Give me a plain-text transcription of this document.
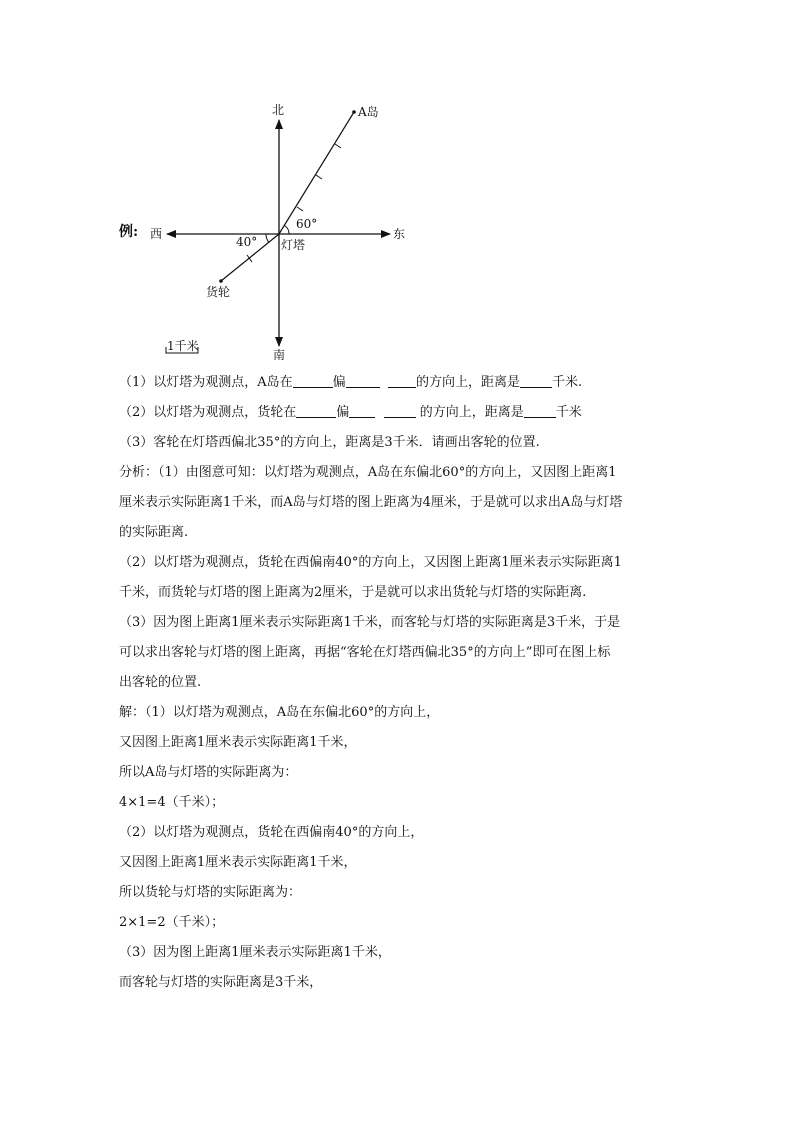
例:
北
南
东
西
A岛
灯塔
货轮
60°
40°
1千米
（1）以灯塔为观测点，A岛在	偏	的方向上，距离是 千米.
（2）以灯塔为观测点，货轮在	偏	的方向上，距离是 千米
（3）客轮在灯塔西偏北35°的方向上，距离是3千米．请画出客轮的位置.
分析：（1）由图意可知：以灯塔为观测点，A岛在东偏北60°的方向上，又因图上距离1
厘米表示实际距离1千米，而A岛与灯塔的图上距离为4厘米，于是就可以求出A岛与灯塔
的实际距离.
（2）以灯塔为观测点，货轮在西偏南40°的方向上，又因图上距离1厘米表示实际距离1
千米，而货轮与灯塔的图上距离为2厘米，于是就可以求出货轮与灯塔的实际距离.
（3）因为图上距离1厘米表示实际距离1千米，而客轮与灯塔的实际距离是3千米，于是
可以求出客轮与灯塔的图上距离，再据“客轮在灯塔西偏北35°的方向上”即可在图上标
出客轮的位置.
解：（1）以灯塔为观测点，A岛在东偏北60°的方向上，
又因图上距离1厘米表示实际距离1千米，
所以A岛与灯塔的实际距离为：
4×1=4（千米）；
（2）以灯塔为观测点，货轮在西偏南40°的方向上，
又因图上距离1厘米表示实际距离1千米，
所以货轮与灯塔的实际距离为：
2×1=2（千米）；
（3）因为图上距离1厘米表示实际距离1千米，
而客轮与灯塔的实际距离是3千米，
